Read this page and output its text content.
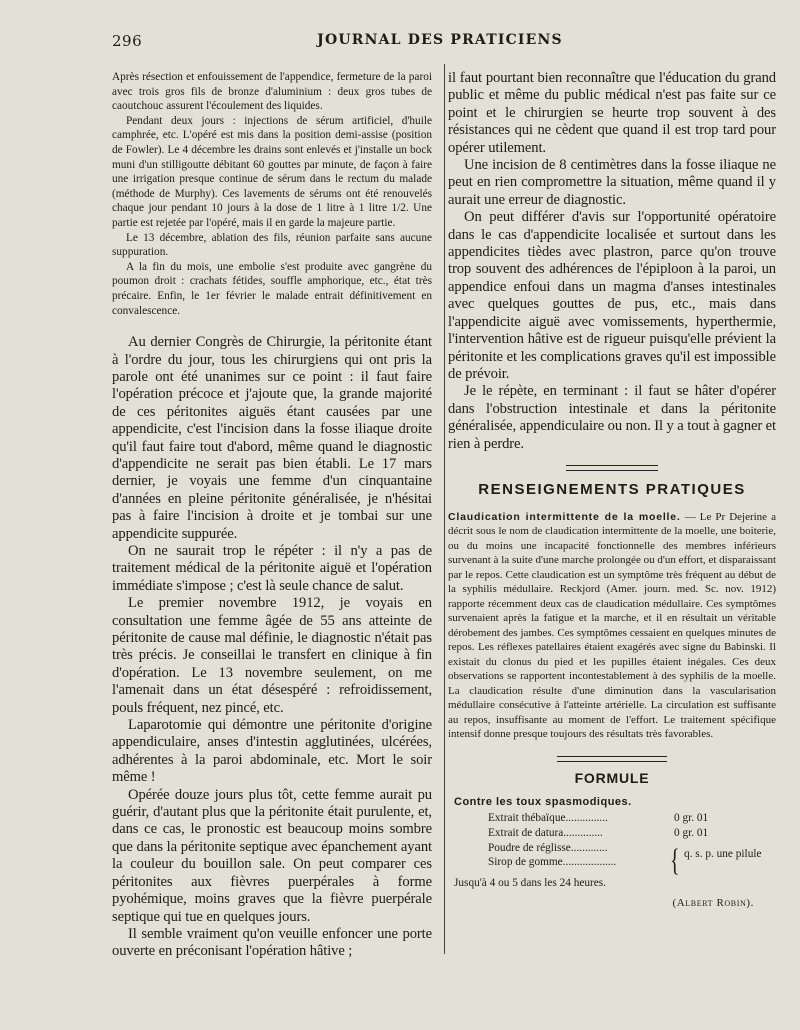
296	JOURNAL DES PRATICIENS

Après résection et enfouissement de l'appendice, fermeture de la paroi avec trois gros fils de bronze d'aluminium : deux gros tubes de caoutchouc assurent l'écoulement des liquides.

Pendant deux jours : injections de sérum artificiel, d'huile camphrée, etc. L'opéré est mis dans la position demi-assise (position de Fowler). Le 4 décembre les drains sont enlevés et j'installe un bock muni d'un stilligoutte débitant 60 gouttes par minute, de façon à faire une irrigation presque continue de sérum dans le rectum du malade (méthode de Murphy). Ces lavements de sérums ont été renouvelés chaque jour pendant 10 jours à la dose de 1 litre à 1 litre 1/2. Une partie est rejetée par l'opéré, mais il en garde la majeure partie.

Le 13 décembre, ablation des fils, réunion parfaite sans aucune suppuration.

A la fin du mois, une embolie s'est produite avec gangrène du poumon droit : crachats fétides, souffle amphorique, etc., état très précaire. Enfin, le 1er février le malade entrait définitivement en convalescence.

Au dernier Congrès de Chirurgie, la péritonite étant à l'ordre du jour, tous les chirurgiens qui ont pris la parole ont été unanimes sur ce point : il faut faire l'opération précoce et j'ajoute que, la grande majorité de ces péritonites aiguës étant causées par une appendicite, c'est l'incision dans la fosse iliaque droite qu'il faut faire tout d'abord, même quand le diagnostic d'appendicite ne serait pas bien établi. Le 17 mars dernier, je voyais une femme d'un cinquantaine d'années en pleine péritonite généralisée, je n'hésitai pas à faire l'incision à droite et je tombai sur une appendicite suppurée.

On ne saurait trop le répéter : il n'y a pas de traitement médical de la péritonite aiguë et l'opération immédiate s'impose ; c'est là seule chance de salut.

Le premier novembre 1912, je voyais en consultation une femme âgée de 55 ans atteinte de péritonite de cause mal définie, le diagnostic n'était pas très précis. Je conseillai le transfert en clinique à fin d'opération. Le 13 novembre seulement, on me l'amenait dans un état désespéré : refroidissement, pouls fréquent, nez pincé, etc.

Laparotomie qui démontre une péritonite d'origine appendiculaire, anses d'intestin agglutinées, ulcérées, adhérentes à la paroi abdominale, etc. Mort le soir même !

Opérée douze jours plus tôt, cette femme aurait pu guérir, d'autant plus que la péritonite était purulente, et, dans ce cas, le pronostic est beaucoup moins sombre que dans la péritonite septique avec épanchement ayant la couleur du bouillon sale. On peut comparer ces péritonites aux fièvres puerpérales à forme pyohémique, moins graves que la fièvre puerpérale septique qui tue en quelques jours.

Il semble vraiment qu'on veuille enfoncer une porte ouverte en préconisant l'opération hâtive ;

il faut pourtant bien reconnaître que l'éducation du grand public et même du public médical n'est pas faite sur ce point et le chirurgien se heurte trop souvent à des résistances qui ne cèdent que quand il est trop tard pour opérer utilement.

Une incision de 8 centimètres dans la fosse iliaque ne peut en rien compromettre la situation, même quand il y aurait une erreur de diagnostic.

On peut différer d'avis sur l'opportunité opératoire dans le cas d'appendicite localisée et surtout dans les appendicites tièdes avec plastron, parce qu'on trouve trop souvent des adhérences de l'épiploon à la paroi, un appendice enfoui dans un magma d'anses intestinales avec quelques gouttes de pus, etc., mais dans l'appendicite aiguë avec vomissements, hyperthermie, l'intervention hâtive est de rigueur puisqu'elle prévient la péritonite et les complications graves qu'il est impossible de prévoir.

Je le répète, en terminant : il faut se hâter d'opérer dans l'obstruction intestinale et dans la péritonite généralisée, appendiculaire ou non. Il y a tout à gagner et rien à perdre.

RENSEIGNEMENTS PRATIQUES

Claudication intermittente de la moelle. — Le Pr Dejerine a décrit sous le nom de claudication intermittente de la moelle, une boiterie, ou du moins une incapacité fonctionnelle des membres inférieurs survenant à la suite d'une marche prolongée ou d'un effort, et disparaissant par le repos. Cette claudication est un symptôme très fréquent au début de la syphilis médullaire. Reckjord (Amer. journ. med. Sc. nov. 1912) rapporte récemment deux cas de claudication médullaire. Ces symptômes survenaient après la fatigue et la marche, et il en résultait un véritable dérobement des jambes. Ces symptômes cessaient en quelques minutes de repos. Les réflexes patellaires étaient exagérés avec signe du Babinski. Il existait du clonus du pied et les pupilles étaient inégales. Ces deux observations se rapportent incontestablement à des syphilis de la moelle. La claudication résulte d'une diminution dans la vascularisation médullaire consécutive à l'atteinte artérielle. La circulation est suffisante au repos, insuffisante au moment de l'effort. Le traitement spécifique intensif donne presque toujours des résultats très favorables.

FORMULE
Contre les toux spasmodiques.
Extrait thébaïque...............	0 gr. 01
Extrait de datura..............	0 gr. 01
Poudre de réglisse.............
Sirop de gomme...................	{ q. s. p. une pilule
Jusqu'à 4 ou 5 dans les 24 heures.
(Albert Robin).
